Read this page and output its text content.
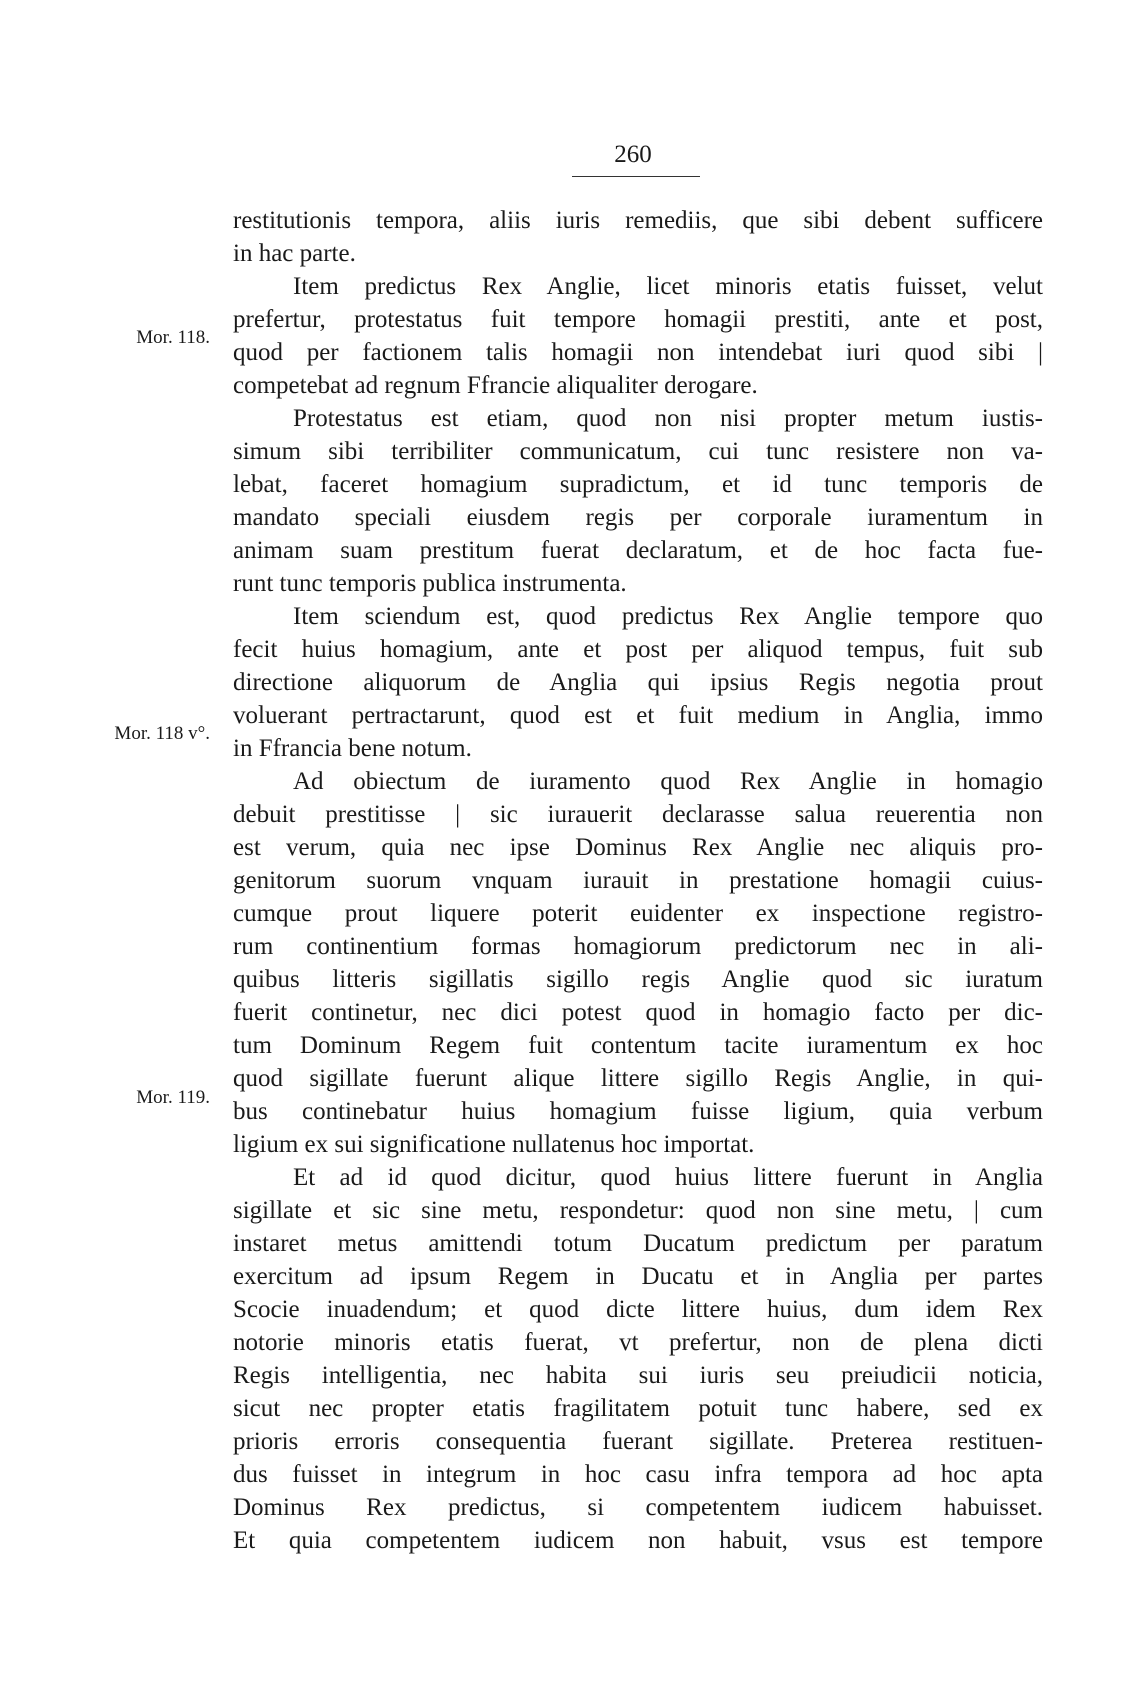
260
Mor. 118.
Mor. 118 v°.
Mor. 119.
restitutionis tempora, aliis iuris remediis, que sibi debent sufficere
in hac parte.
Item predictus Rex Anglie, licet minoris etatis fuisset, velut
prefertur, protestatus fuit tempore homagii prestiti, ante et post,
quod per factionem talis homagii non intendebat iuri quod sibi |
competebat ad regnum Ffrancie aliqualiter derogare.
Protestatus est etiam, quod non nisi propter metum iustis-
simum sibi terribiliter communicatum, cui tunc resistere non va-
lebat, faceret homagium supradictum, et id tunc temporis de
mandato speciali eiusdem regis per corporale iuramentum in
animam suam prestitum fuerat declaratum, et de hoc facta fue-
runt tunc temporis publica instrumenta.
Item sciendum est, quod predictus Rex Anglie tempore quo
fecit huius homagium, ante et post per aliquod tempus, fuit sub
directione aliquorum de Anglia qui ipsius Regis negotia prout
voluerant pertractarunt, quod est et fuit medium in Anglia, immo
in Ffrancia bene notum.
Ad obiectum de iuramento quod Rex Anglie in homagio
debuit prestitisse | sic iurauerit declarasse salua reuerentia non
est verum, quia nec ipse Dominus Rex Anglie nec aliquis pro-
genitorum suorum vnquam iurauit in prestatione homagii cuius-
cumque prout liquere poterit euidenter ex inspectione registro-
rum continentium formas homagiorum predictorum nec in ali-
quibus litteris sigillatis sigillo regis Anglie quod sic iuratum
fuerit continetur, nec dici potest quod in homagio facto per dic-
tum Dominum Regem fuit contentum tacite iuramentum ex hoc
quod sigillate fuerunt alique littere sigillo Regis Anglie, in qui-
bus continebatur huius homagium fuisse ligium, quia verbum
ligium ex sui significatione nullatenus hoc importat.
Et ad id quod dicitur, quod huius littere fuerunt in Anglia
sigillate et sic sine metu, respondetur: quod non sine metu, | cum
instaret metus amittendi totum Ducatum predictum per paratum
exercitum ad ipsum Regem in Ducatu et in Anglia per partes
Scocie inuadendum; et quod dicte littere huius, dum idem Rex
notorie minoris etatis fuerat, vt prefertur, non de plena dicti
Regis intelligentia, nec habita sui iuris seu preiudicii noticia,
sicut nec propter etatis fragilitatem potuit tunc habere, sed ex
prioris erroris consequentia fuerant sigillate. Preterea restituen-
dus fuisset in integrum in hoc casu infra tempora ad hoc apta
Dominus Rex predictus, si competentem iudicem habuisset.
Et quia competentem iudicem non habuit, vsus est tempore
